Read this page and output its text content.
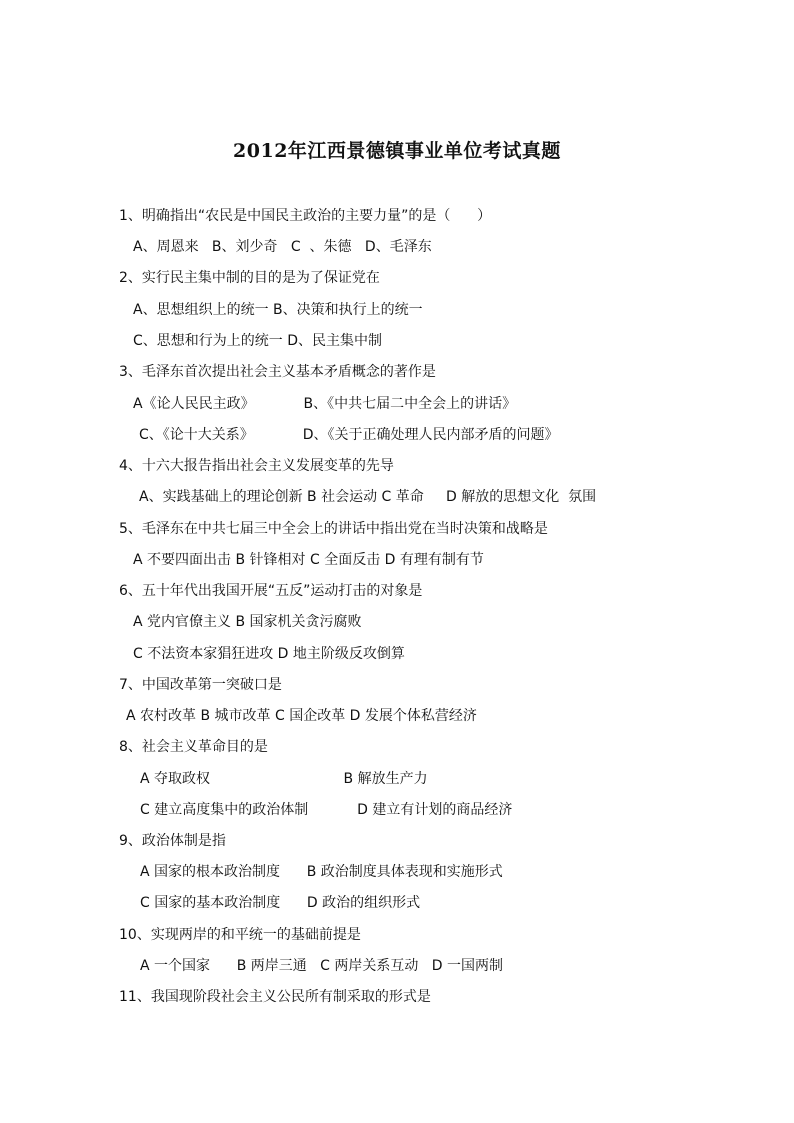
2012年江西景德镇事业单位考试真题
1、明确指出“农民是中国民主政治的主要力量”的是（      ）
A、周恩来   B、刘少奇   C  、朱德   D、毛泽东
2、实行民主集中制的目的是为了保证党在
A、思想组织上的统一 B、决策和执行上的统一
C、思想和行为上的统一 D、民主集中制
3、毛泽东首次提出社会主义基本矛盾概念的著作是
A《论人民民主政》           B、《中共七届二中全会上的讲话》
C、《论十大关系》           D、《关于正确处理人民内部矛盾的问题》
4、十六大报告指出社会主义发展变革的先导
A、实践基础上的理论创新 B 社会运动 C 革命     D 解放的思想文化  氛围
5、毛泽东在中共七届三中全会上的讲话中指出党在当时决策和战略是
A 不要四面出击 B 针锋相对 C 全面反击 D 有理有制有节
6、五十年代出我国开展“五反”运动打击的对象是
A 党内官僚主义 B 国家机关贪污腐败
C 不法资本家猖狂进攻 D 地主阶级反攻倒算
7、中国改革第一突破口是
A 农村改革 B 城市改革 C 国企改革 D 发展个体私营经济
8、社会主义革命目的是
A 夺取政权                              B 解放生产力
C 建立高度集中的政治体制           D 建立有计划的商品经济
9、政治体制是指
A 国家的根本政治制度      B 政治制度具体表现和实施形式
C 国家的基本政治制度      D 政治的组织形式
10、实现两岸的和平统一的基础前提是
A 一个国家      B 两岸三通   C 两岸关系互动   D 一国两制
11、我国现阶段社会主义公民所有制采取的形式是
